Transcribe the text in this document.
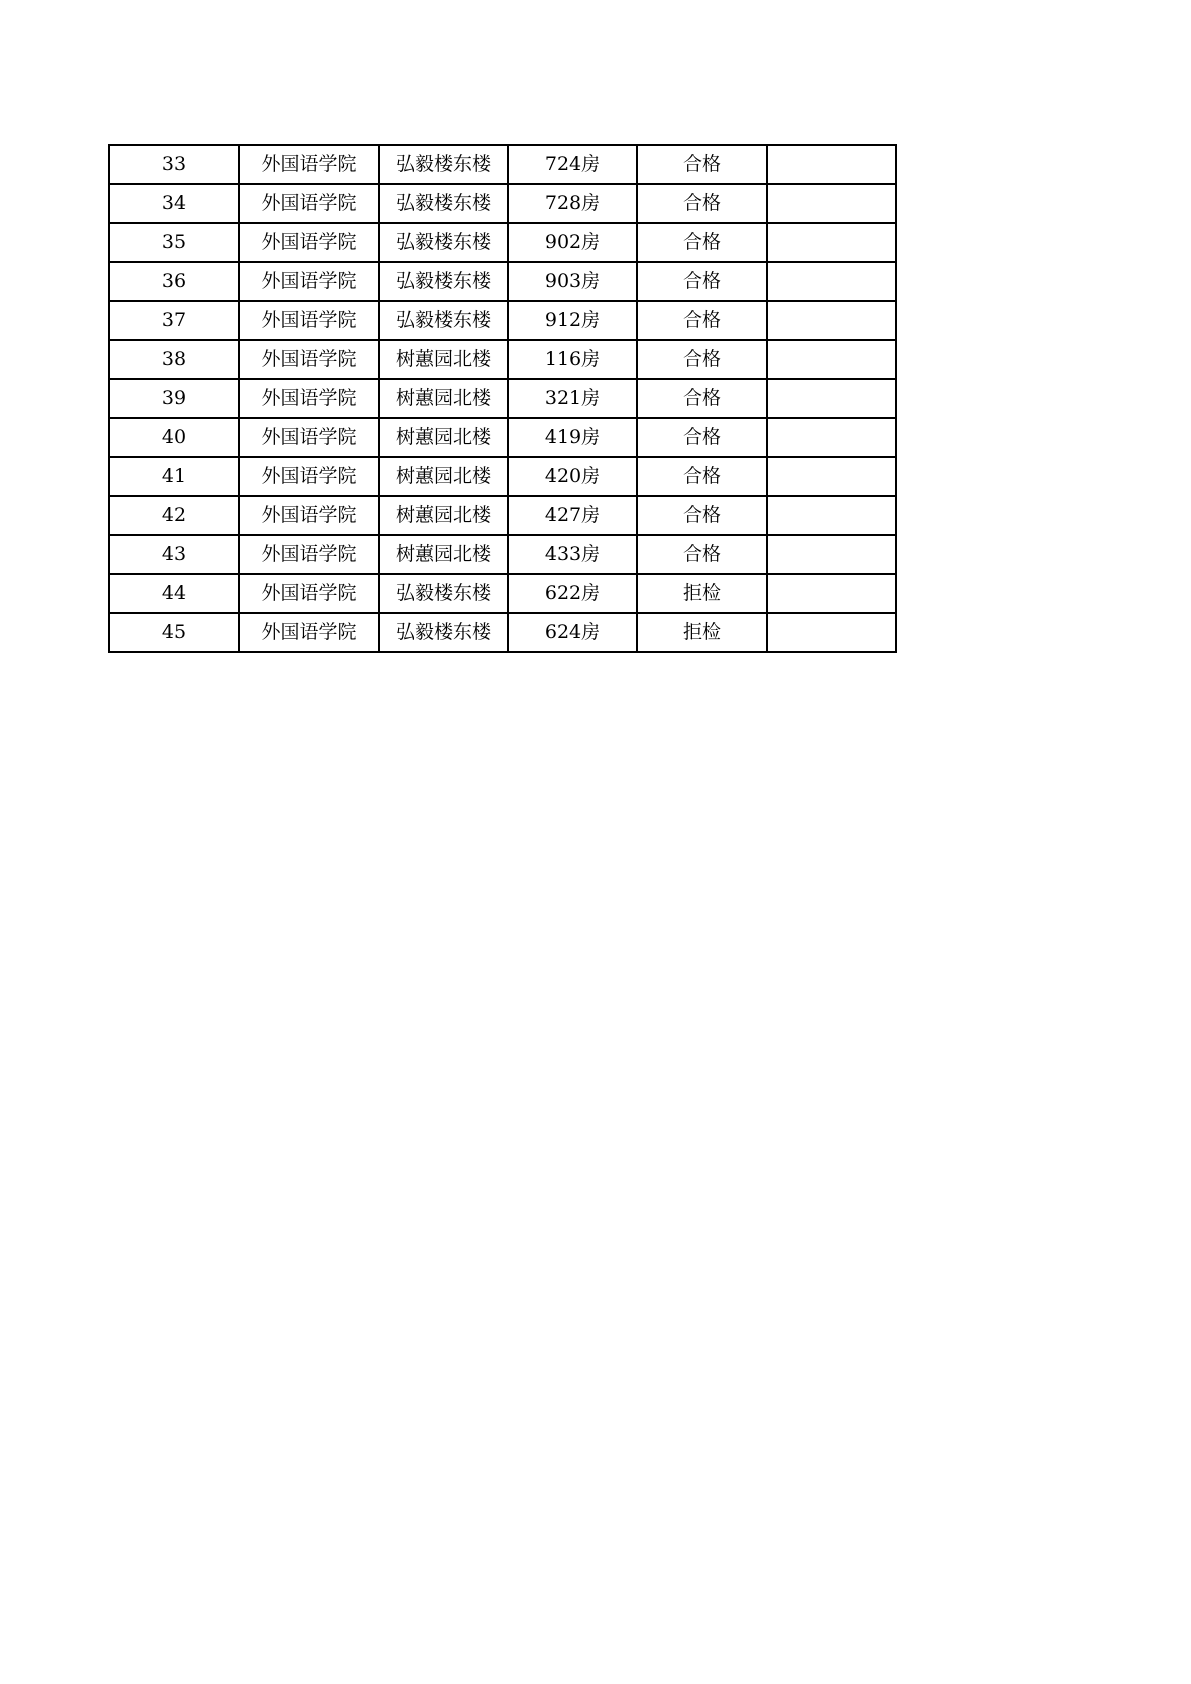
33	外国语学院	弘毅楼东楼	724房	合格	
34	外国语学院	弘毅楼东楼	728房	合格	
35	外国语学院	弘毅楼东楼	902房	合格	
36	外国语学院	弘毅楼东楼	903房	合格	
37	外国语学院	弘毅楼东楼	912房	合格	
38	外国语学院	树蕙园北楼	116房	合格	
39	外国语学院	树蕙园北楼	321房	合格	
40	外国语学院	树蕙园北楼	419房	合格	
41	外国语学院	树蕙园北楼	420房	合格	
42	外国语学院	树蕙园北楼	427房	合格	
43	外国语学院	树蕙园北楼	433房	合格	
44	外国语学院	弘毅楼东楼	622房	拒检	
45	外国语学院	弘毅楼东楼	624房	拒检	
